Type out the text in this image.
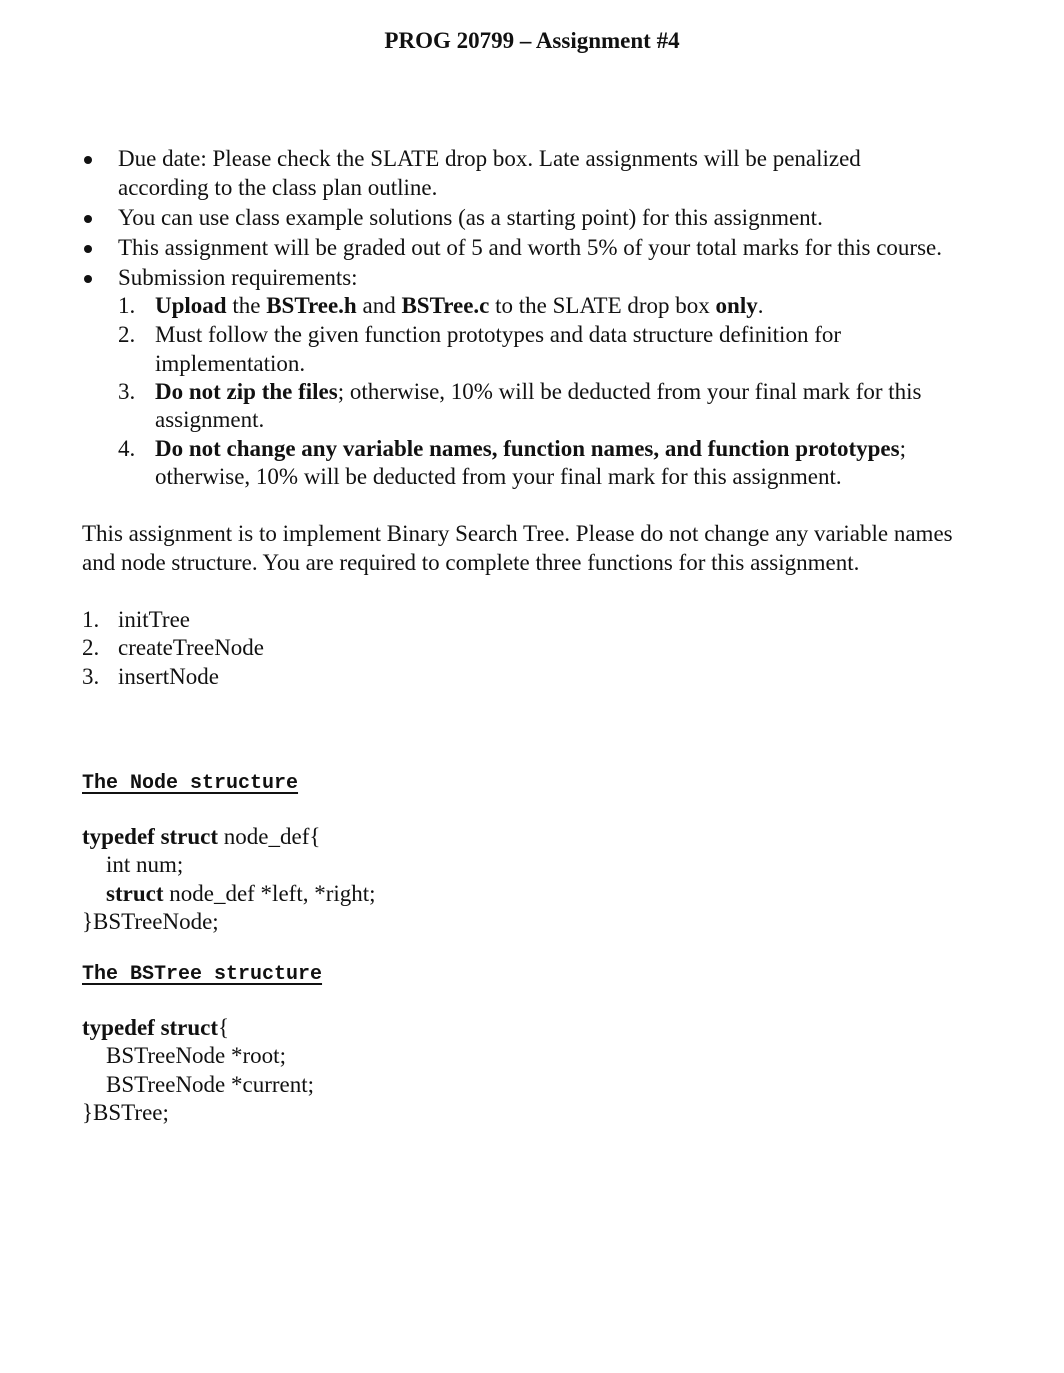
PROG 20799 – Assignment #4
Due date: Please check the SLATE drop box. Late assignments will be penalized
according to the class plan outline.
You can use class example solutions (as a starting point) for this assignment.
This assignment will be graded out of 5 and worth 5% of your total marks for this course.
Submission requirements:
1. Upload the BSTree.h and BSTree.c to the SLATE drop box only.
2. Must follow the given function prototypes and data structure definition for
implementation.
3. Do not zip the files; otherwise, 10% will be deducted from your final mark for this
assignment.
4. Do not change any variable names, function names, and function prototypes;
otherwise, 10% will be deducted from your final mark for this assignment.
This assignment is to implement Binary Search Tree. Please do not change any variable names
and node structure. You are required to complete three functions for this assignment.
1. initTree
2. createTreeNode
3. insertNode
The Node structure
typedef struct node_def{
int num;
struct node_def *left, *right;
}BSTreeNode;
The BSTree structure
typedef struct{
BSTreeNode *root;
BSTreeNode *current;
}BSTree;
